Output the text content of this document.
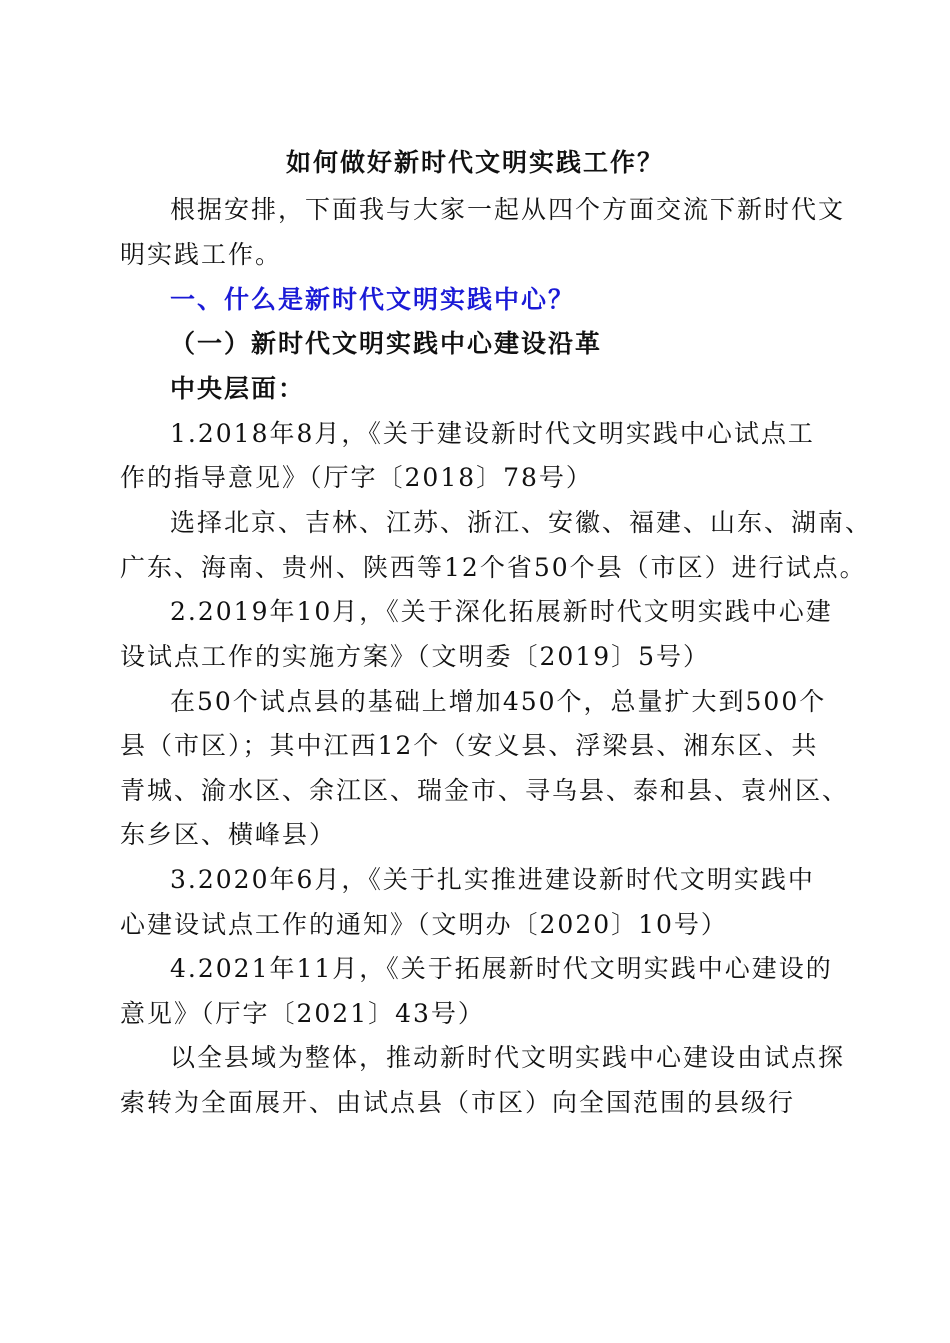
如何做好新时代文明实践工作？
根据安排，下面我与大家一起从四个方面交流下新时代文
明实践工作。
一、什么是新时代文明实践中心？
（一）新时代文明实践中心建设沿革
中央层面：
1.2018年8月，《关于建设新时代文明实践中心试点工
作的指导意见》（厅字〔2018〕78号）
选择北京、吉林、江苏、浙江、安徽、福建、山东、湖南、
广东、海南、贵州、陕西等12个省50个县（市区）进行试点。
2.2019年10月，《关于深化拓展新时代文明实践中心建
设试点工作的实施方案》（文明委〔2019〕5号）
在50个试点县的基础上增加450个，总量扩大到500个
县（市区）；其中江西12个（安义县、浮梁县、湘东区、共
青城、渝水区、余江区、瑞金市、寻乌县、泰和县、袁州区、
东乡区、横峰县）
3.2020年6月，《关于扎实推进建设新时代文明实践中
心建设试点工作的通知》（文明办〔2020〕10号）
4.2021年11月，《关于拓展新时代文明实践中心建设的
意见》（厅字〔2021〕43号）
以全县域为整体，推动新时代文明实践中心建设由试点探
索转为全面展开、由试点县（市区）向全国范围的县级行
